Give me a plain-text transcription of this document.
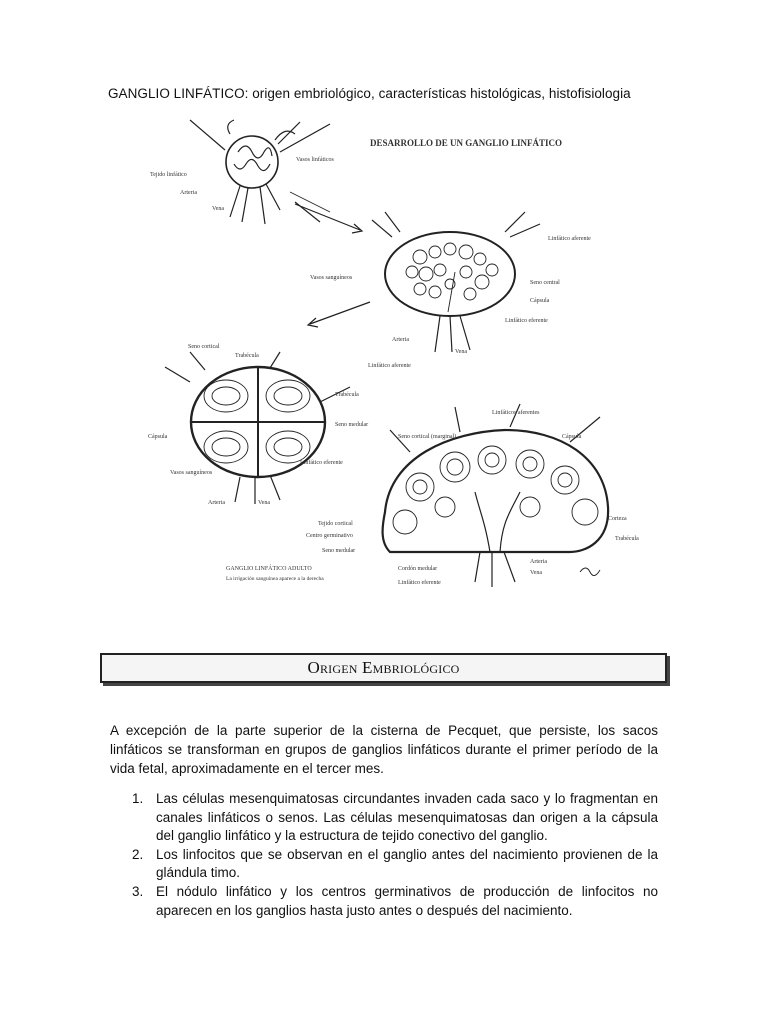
GANGLIO LINFÁTICO: origen embriológico, características histológicas, histofisiologia
DESARROLLO DE UN GANGLIO LINFÁTICO
Vasos linfáticos
Tejido linfático
Arteria
Vena
Linfático aferente
Vasos sanguíneos
Seno central
Cápsula
Linfático eferente
Arteria
Vena
Seno cortical
Trabécula
Linfático aferente
Trabécula
Seno medular
Cápsula
Vasos sanguíneos
Linfático eferente
Arteria	Vena
Linfáticos aferentes
Seno cortical (marginal)	Cápsula
Tejido cortical
Centro germinativo
Seno medular
Corteza
Trabécula
Arteria
Vena
Cordón medular
Linfático eferente
GANGLIO LINFÁTICO ADULTO
La irrigación sanguínea aparece a la derecha
Origen Embriológico

A excepción de la parte superior de la cisterna de Pecquet, que persiste, los sacos linfáticos se transforman en grupos de ganglios linfáticos durante el primer período de la vida fetal, aproximadamente en el tercer mes.

1. Las células mesenquimatosas circundantes invaden cada saco y lo fragmentan en canales linfáticos o senos. Las células mesenquimatosas dan origen a la cápsula del ganglio linfático y la estructura de tejido conectivo del ganglio.
2. Los linfocitos que se observan en el ganglio antes del nacimiento provienen de la glándula timo.
3. El nódulo linfático y los centros germinativos de producción de linfocitos no aparecen en los ganglios hasta justo antes o después del nacimiento.
